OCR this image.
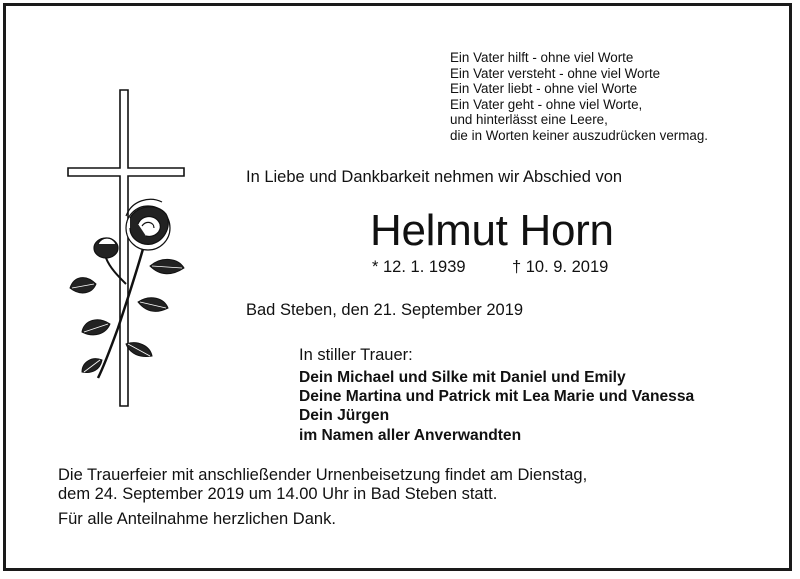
Ein Vater hilft - ohne viel Worte
Ein Vater versteht - ohne viel Worte
Ein Vater liebt - ohne viel Worte
Ein Vater geht - ohne viel Worte,
und hinterlässt eine Leere,
die in Worten keiner auszudrücken vermag.
In Liebe und Dankbarkeit nehmen wir Abschied von
Helmut Horn
* 12. 1. 1939	† 10. 9. 2019
Bad Steben, den 21. September 2019
In stiller Trauer:
Dein Michael und Silke mit Daniel und Emily
Deine Martina und Patrick mit Lea Marie und Vanessa
Dein Jürgen
im Namen aller Anverwandten
Die Trauerfeier mit anschließender Urnenbeisetzung findet am Dienstag,
dem 24. September 2019 um 14.00 Uhr in Bad Steben statt.
Für alle Anteilnahme herzlichen Dank.
